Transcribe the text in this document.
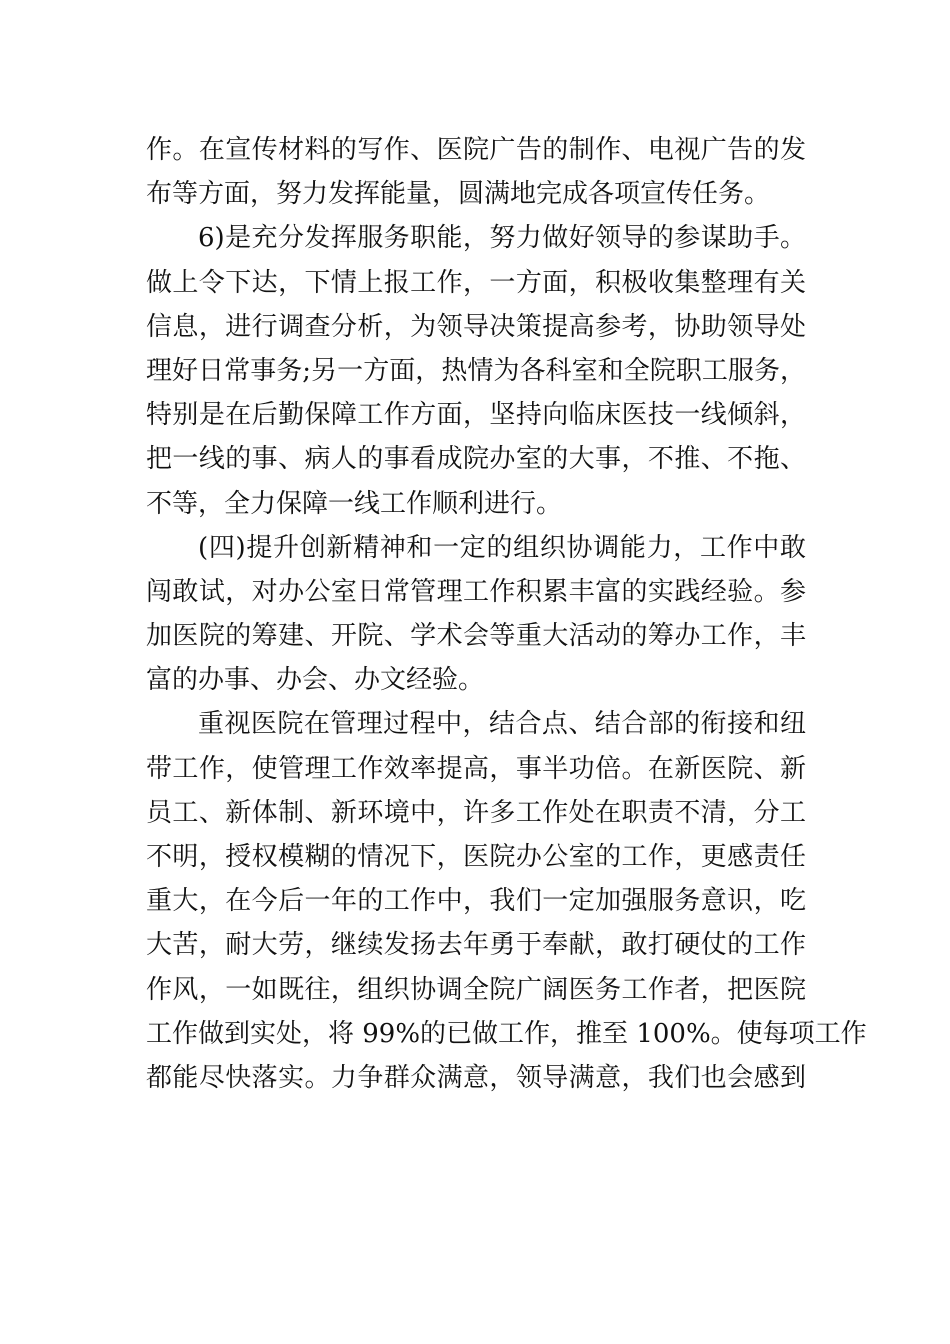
作。在宣传材料的写作、医院广告的制作、电视广告的发
布等方面，努力发挥能量，圆满地完成各项宣传任务。
6)是充分发挥服务职能，努力做好领导的参谋助手。
做上令下达，下情上报工作，一方面，积极收集整理有关
信息，进行调查分析，为领导决策提高参考，协助领导处
理好日常事务;另一方面，热情为各科室和全院职工服务，
特别是在后勤保障工作方面，坚持向临床医技一线倾斜，
把一线的事、病人的事看成院办室的大事，不推、不拖、
不等，全力保障一线工作顺利进行。
(四)提升创新精神和一定的组织协调能力，工作中敢
闯敢试，对办公室日常管理工作积累丰富的实践经验。参
加医院的筹建、开院、学术会等重大活动的筹办工作，丰
富的办事、办会、办文经验。
重视医院在管理过程中，结合点、结合部的衔接和纽
带工作，使管理工作效率提高，事半功倍。在新医院、新
员工、新体制、新环境中，许多工作处在职责不清，分工
不明，授权模糊的情况下，医院办公室的工作，更感责任
重大，在今后一年的工作中，我们一定加强服务意识，吃
大苦，耐大劳，继续发扬去年勇于奉献，敢打硬仗的工作
作风，一如既往，组织协调全院广阔医务工作者，把医院
工作做到实处，将 99%的已做工作，推至 100%。使每项工作
都能尽快落实。力争群众满意，领导满意，我们也会感到
